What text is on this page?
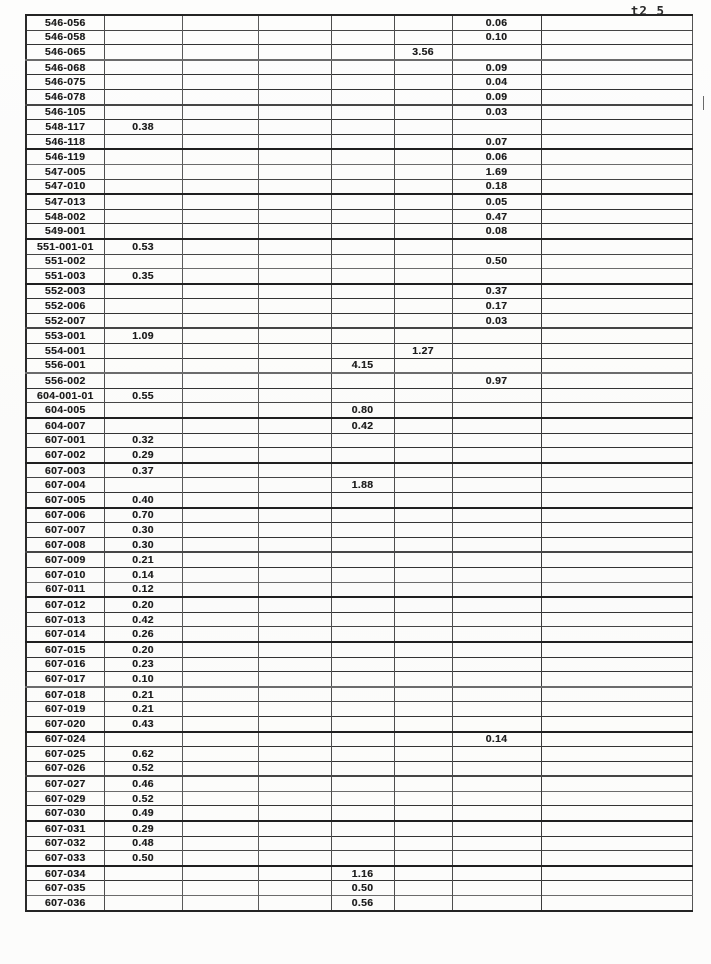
t2 5
546-056						0.06	
546-058						0.10	
546-065					3.56		
546-068						0.09	
546-075						0.04	
546-078						0.09	
546-105						0.03	
548-117	0.38						
546-118						0.07	
546-119						0.06	
547-005						1.69	
547-010						0.18	
547-013						0.05	
548-002						0.47	
549-001						0.08	
551-001-01	0.53						
551-002						0.50	
551-003	0.35						
552-003						0.37	
552-006						0.17	
552-007						0.03	
553-001	1.09						
554-001					1.27		
556-001				4.15			
556-002						0.97	
604-001-01	0.55						
604-005				0.80			
604-007				0.42			
607-001	0.32						
607-002	0.29						
607-003	0.37						
607-004				1.88			
607-005	0.40						
607-006	0.70						
607-007	0.30						
607-008	0.30						
607-009	0.21						
607-010	0.14						
607-011	0.12						
607-012	0.20						
607-013	0.42						
607-014	0.26						
607-015	0.20						
607-016	0.23						
607-017	0.10						
607-018	0.21						
607-019	0.21						
607-020	0.43						
607-024						0.14	
607-025	0.62						
607-026	0.52						
607-027	0.46						
607-029	0.52						
607-030	0.49						
607-031	0.29						
607-032	0.48						
607-033	0.50						
607-034				1.16			
607-035				0.50			
607-036				0.56			
